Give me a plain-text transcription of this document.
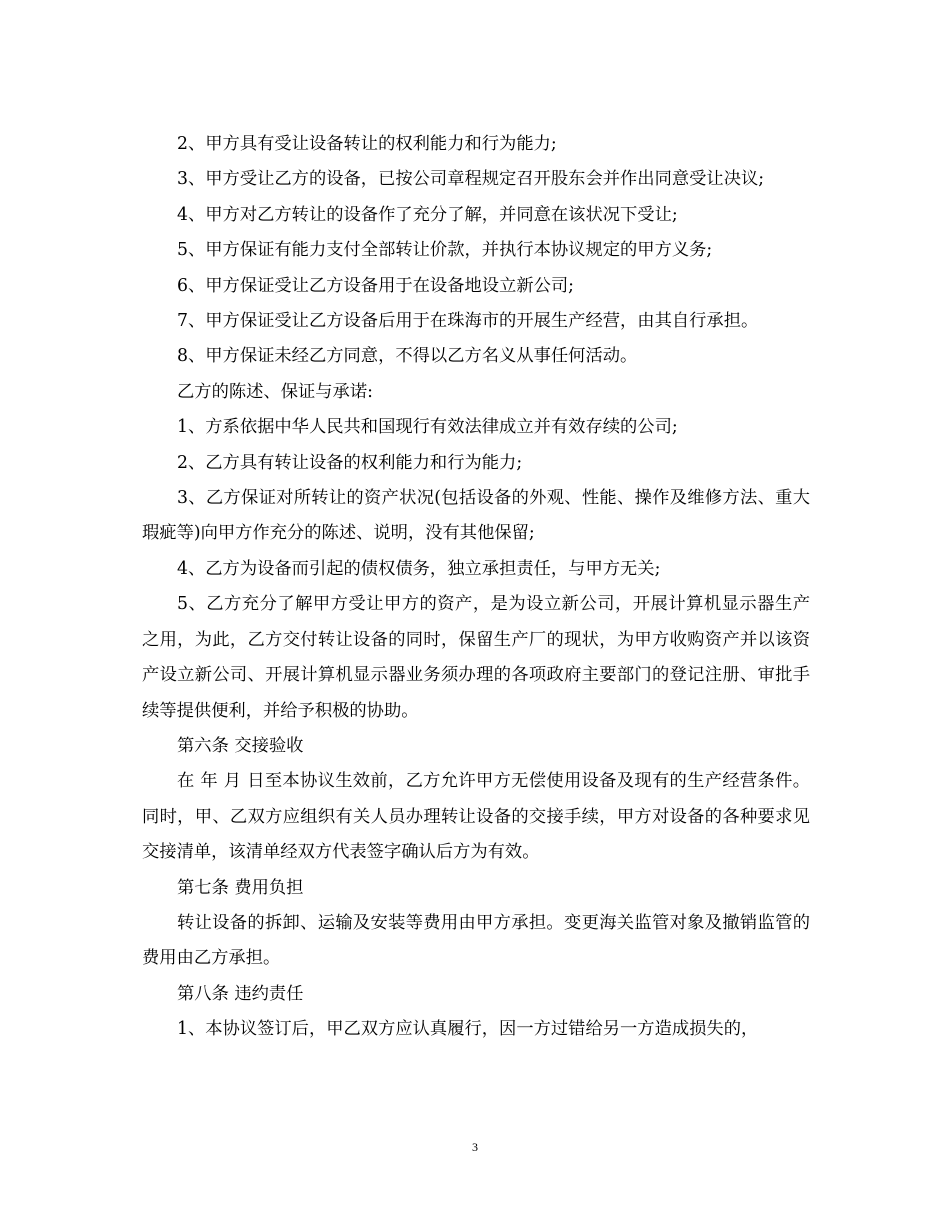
2、甲方具有受让设备转让的权利能力和行为能力;

3、甲方受让乙方的设备，已按公司章程规定召开股东会并作出同意受让决议;

4、甲方对乙方转让的设备作了充分了解，并同意在该状况下受让;

5、甲方保证有能力支付全部转让价款，并执行本协议规定的甲方义务;

6、甲方保证受让乙方设备用于在设备地设立新公司;

7、甲方保证受让乙方设备后用于在珠海市的开展生产经营，由其自行承担。

8、甲方保证未经乙方同意，不得以乙方名义从事任何活动。

乙方的陈述、保证与承诺:

1、方系依据中华人民共和国现行有效法律成立并有效存续的公司;

2、乙方具有转让设备的权利能力和行为能力;

3、乙方保证对所转让的资产状况(包括设备的外观、性能、操作及维修方法、重大瑕疵等)向甲方作充分的陈述、说明，没有其他保留;

4、乙方为设备而引起的债权债务，独立承担责任，与甲方无关;

5、乙方充分了解甲方受让甲方的资产，是为设立新公司，开展计算机显示器生产之用，为此，乙方交付转让设备的同时，保留生产厂的现状，为甲方收购资产并以该资产设立新公司、开展计算机显示器业务须办理的各项政府主要部门的登记注册、审批手续等提供便利，并给予积极的协助。

第六条 交接验收

在 年 月 日至本协议生效前，乙方允许甲方无偿使用设备及现有的生产经营条件。同时，甲、乙双方应组织有关人员办理转让设备的交接手续，甲方对设备的各种要求见交接清单，该清单经双方代表签字确认后方为有效。

第七条 费用负担

转让设备的拆卸、运输及安装等费用由甲方承担。变更海关监管对象及撤销监管的费用由乙方承担。

第八条 违约责任

1、本协议签订后，甲乙双方应认真履行，因一方过错给另一方造成损失的，

3
